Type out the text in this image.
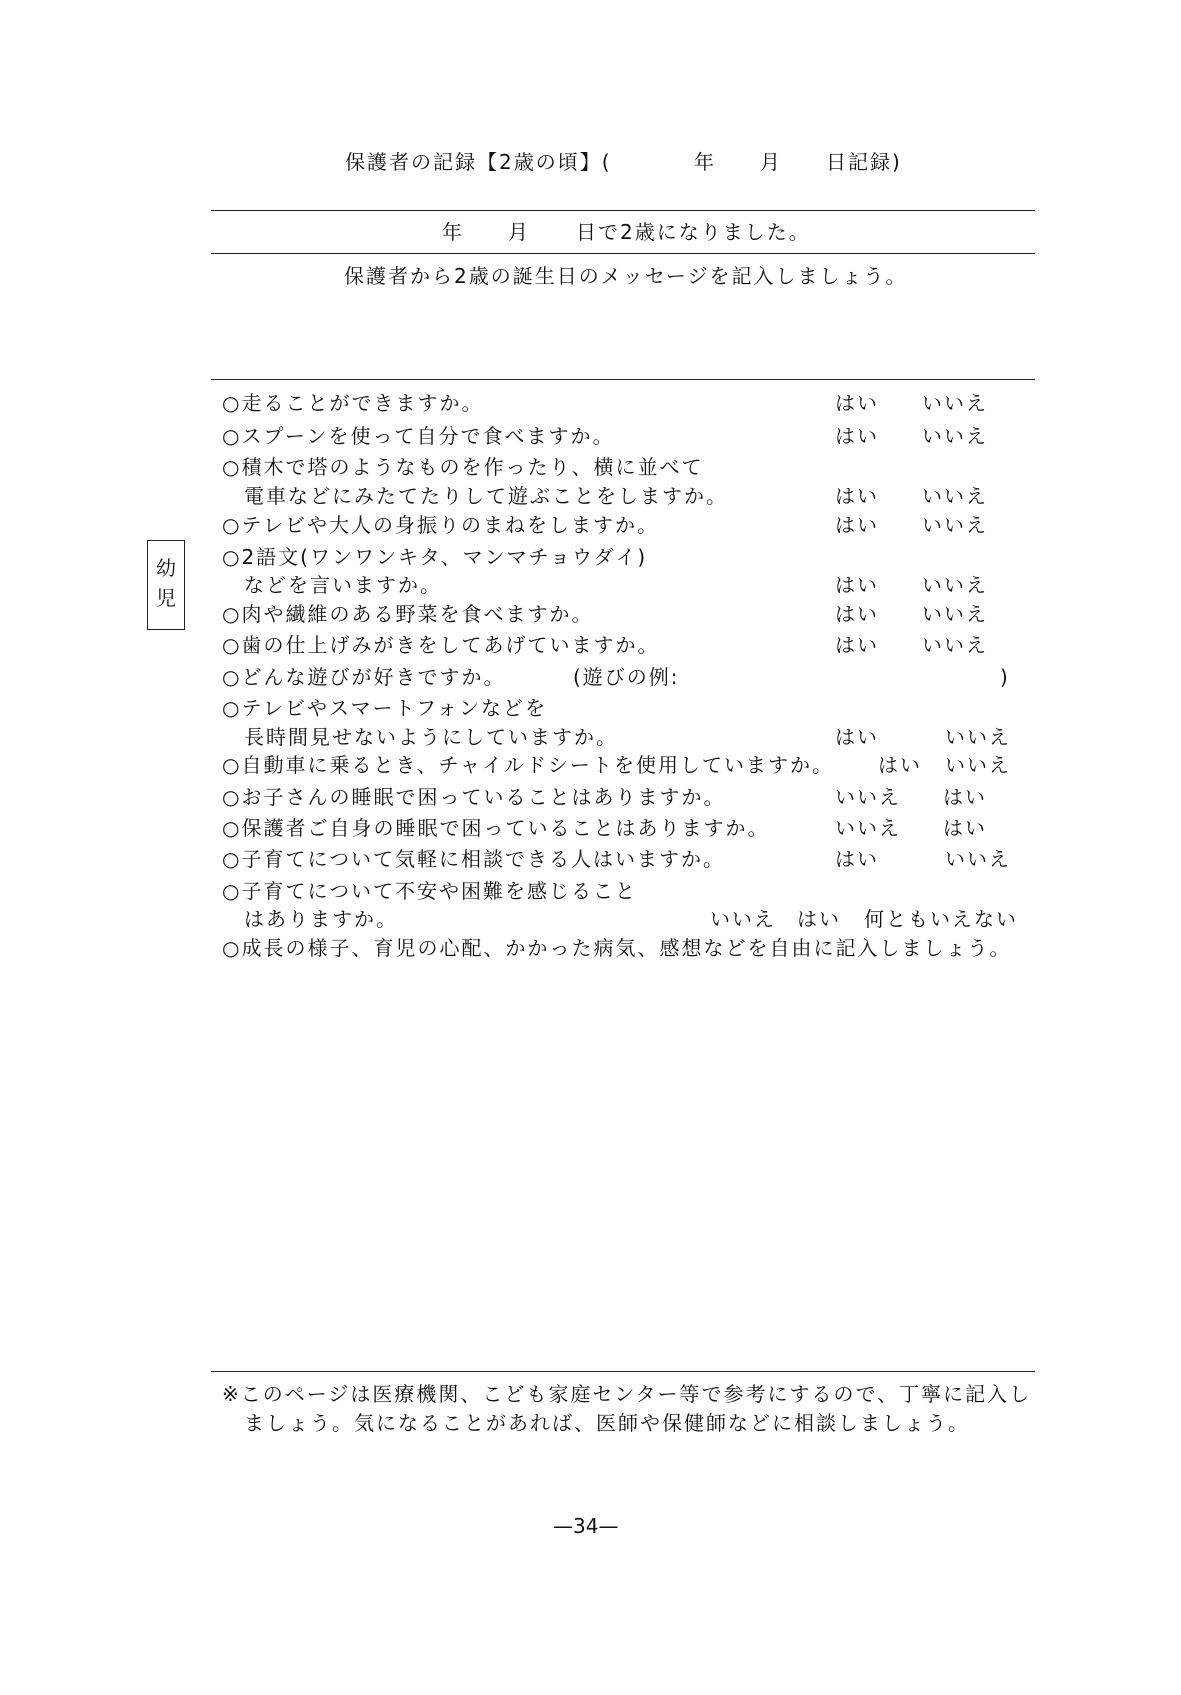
保護者の記録【2歳の頃】(	年 月 日記録)
年 月 日で2歳になりました。
保護者から2歳の誕生日のメッセージを記入しましょう。
幼
児
○走ることができますか。	はい いいえ
○スプーンを使って自分で食べますか。	はい いいえ
○積木で塔のようなものを作ったり、横に並べて
電車などにみたてたりして遊ぶことをしますか。	はい いいえ
○テレビや大人の身振りのまねをしますか。	はい いいえ
○2語文(ワンワンキタ、マンマチョウダイ)
などを言いますか。	はい いいえ
○肉や繊維のある野菜を食べますか。	はい いいえ
○歯の仕上げみがきをしてあげていますか。	はい いいえ
○どんな遊びが好きですか。	(遊びの例:	)
○テレビやスマートフォンなどを
長時間見せないようにしていますか。	はい	いいえ
○自動車に乗るとき、チャイルドシートを使用していますか。 はい いいえ
○お子さんの睡眠で困っていることはありますか。	いいえ はい
○保護者ご自身の睡眠で困っていることはありますか。	いいえ はい
○子育てについて気軽に相談できる人はいますか。	はい	いいえ
○子育てについて不安や困難を感じること
はありますか。	いいえ はい 何ともいえない
○成長の様子、育児の心配、かかった病気、感想などを自由に記入しましょう。
※このページは医療機関、こども家庭センター等で参考にするので、丁寧に記入し
ましょう。気になることがあれば、医師や保健師などに相談しましょう。
—34—
